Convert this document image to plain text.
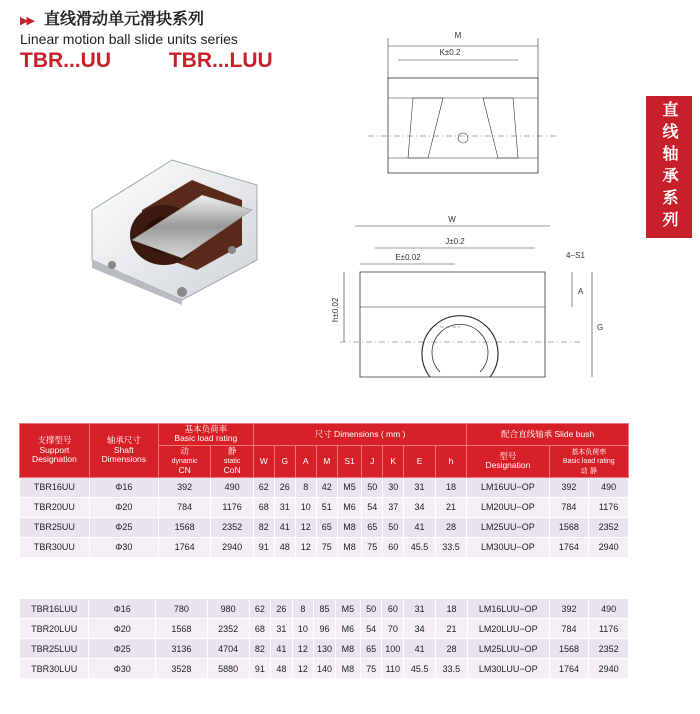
▶▶ 直线滑动单元滑块系列
Linear motion ball slide units series
TBR...UU	TBR...LUU
直线轴承系列
M
K±0.2
W
J±0.2
E±0.02	4−S1
h±0.02
A
G
支撑型号
Support
Designation	轴承尺寸
Shaft
Dimensions	基本负荷率
Basic load rating		尺寸 Dimensions ( mm )									配合直线轴承 Slide bush		
		动
dynamic
CN	静
static
CoN	W	G	A	M	S1	J	K	E	h	型号
Designation	基本负荷率
Basic load rating
动 静	
TBR16UU	Φ16	392	490	62	26	8	42	M5	50	30	31	18	LM16UU−OP	392	490
TBR20UU	Φ20	784	1176	68	31	10	51	M6	54	37	34	21	LM20UU−OP	784	1176
TBR25UU	Φ25	1568	2352	82	41	12	65	M8	65	50	41	28	LM25UU−OP	1568	2352
TBR30UU	Φ30	1764	2940	91	48	12	75	M8	75	60	45.5	33.5	LM30UU−OP	1764	2940
TBR16LUU	Φ16	780	980	62	26	8	85	M5	50	60	31	18	LM16LUU−OP	392	490
TBR20LUU	Φ20	1568	2352	68	31	10	96	M6	54	70	34	21	LM20LUU−OP	784	1176
TBR25LUU	Φ25	3136	4704	82	41	12	130	M8	65	100	41	28	LM25LUU−OP	1568	2352
TBR30LUU	Φ30	3528	5880	91	48	12	140	M8	75	110	45.5	33.5	LM30LUU−OP	1764	2940
